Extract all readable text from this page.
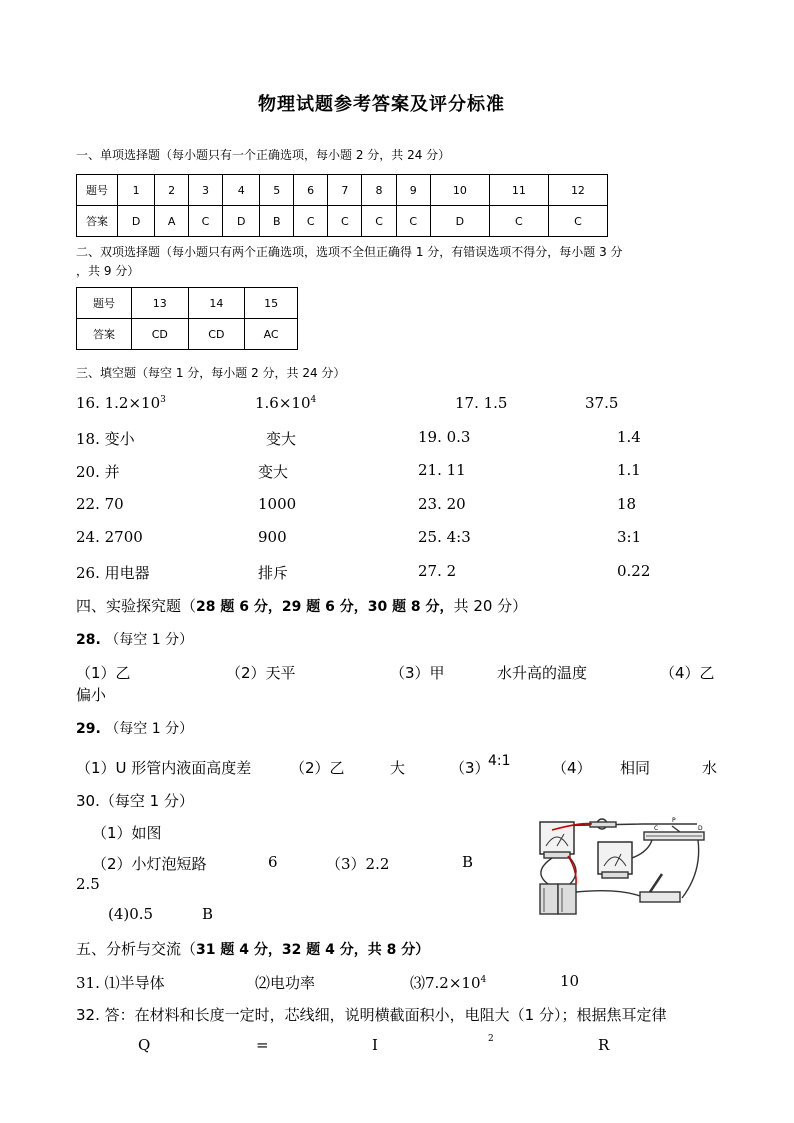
物理试题参考答案及评分标准
一、单项选择题（每小题只有一个正确选项，每小题 2 分，共 24 分）
题号	1	2	3	4	5	6	7	8	9	10	11	12
答案	D	A	C	D	B	C	C	C	C	D	C	C
二、双项选择题（每小题只有两个正确选项，选项不全但正确得 1 分，有错误选项不得分，每小题 3 分
，共 9 分）
题号	13	14	15
答案	CD	CD	AC
三、填空题（每空 1 分，每小题 2 分，共 24 分）
16. $1.2\times 10^3$	$1.6\times 10^4$	17. 1.5	37.5
18. 变小	变大	19. 0.3	1.4
20. 并	变大	21. 11	1.1
22. 70	1000	23. 20	18
24. 2700	900	25. 4:3	3:1
26. 用电器	排斥	27. 2	0.22
四、实验探究题（28 题 6 分，29 题 6 分，30 题 8 分，共 20 分）
28. （每空 1 分）
（1）乙	（2）天平	（3）甲	水升高的温度	（4）乙
偏小
29. （每空 1 分）
（1）U 形管内液面高度差	（2）乙	大	（3）
4:1	（4） 相同	水
30.（每空 1 分）
（1）如图
（2）小灯泡短路	6	（3）2.2	B
2.5
(4)0.5	B
C
P
D
五、分析与交流（31 题 4 分，32 题 4 分，共 8 分）
31. ⑴半导体	⑵电功率	$⑶7.2\times 10^4$	10
32. 答：在材料和长度一定时，芯线细，说明横截面积小，电阻大（1 分）；根据焦耳定律
Q	=	I	2	R
